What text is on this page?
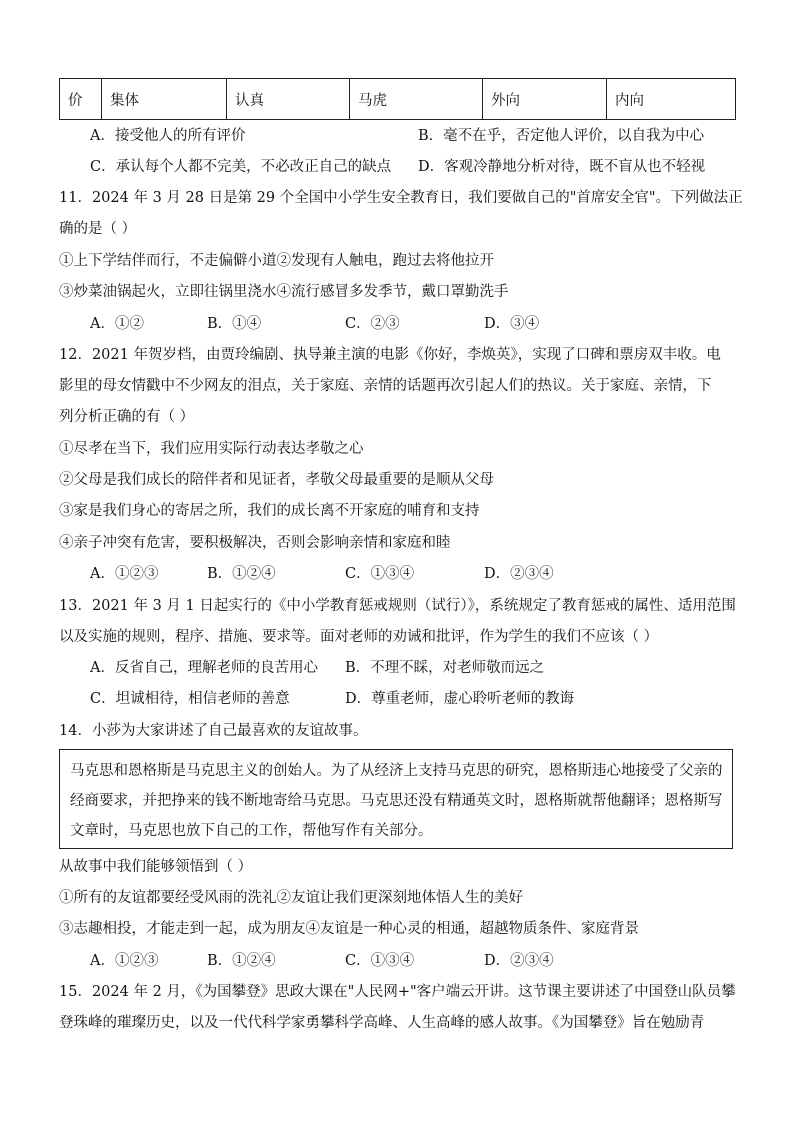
价	集体	认真	马虎	外向	内向
A．接受他人的所有评价	B．毫不在乎，否定他人评价，以自我为中心
C．承认每个人都不完美，不必改正自己的缺点 D．客观冷静地分析对待，既不盲从也不轻视
11．2024 年 3 月 28 日是第 29 个全国中小学生安全教育日，我们要做自己的"首席安全官"。下列做法正
确的是（ ）
①上下学结伴而行，不走偏僻小道②发现有人触电，跑过去将他拉开
③炒菜油锅起火，立即往锅里浇水④流行感冒多发季节，戴口罩勤洗手
A．①②	B．①④	C．②③	D．③④
12．2021 年贺岁档，由贾玲编剧、执导兼主演的电影《你好，李焕英》，实现了口碑和票房双丰收。电
影里的母女情戳中不少网友的泪点，关于家庭、亲情的话题再次引起人们的热议。关于家庭、亲情，下
列分析正确的有（ ）
①尽孝在当下，我们应用实际行动表达孝敬之心
②父母是我们成长的陪伴者和见证者，孝敬父母最重要的是顺从父母
③家是我们身心的寄居之所，我们的成长离不开家庭的哺育和支持
④亲子冲突有危害，要积极解决，否则会影响亲情和家庭和睦
A．①②③	B．①②④	C．①③④	D．②③④
13．2021 年 3 月 1 日起实行的《中小学教育惩戒规则（试行）》，系统规定了教育惩戒的属性、适用范围
以及实施的规则，程序、措施、要求等。面对老师的劝诫和批评，作为学生的我们不应该（ ）
A．反省自己，理解老师的良苦用心 B．不理不睬，对老师敬而远之
C．坦诚相待，相信老师的善意	D．尊重老师，虚心聆听老师的教诲
14．小莎为大家讲述了自己最喜欢的友谊故事。
马克思和恩格斯是马克思主义的创始人。为了从经济上支持马克思的研究，恩格斯违心地接受了父亲的
经商要求，并把挣来的钱不断地寄给马克思。马克思还没有精通英文时，恩格斯就帮他翻译；恩格斯写
文章时，马克思也放下自己的工作，帮他写作有关部分。
从故事中我们能够领悟到（ ）
①所有的友谊都要经受风雨的洗礼②友谊让我们更深刻地体悟人生的美好
③志趣相投，才能走到一起，成为朋友④友谊是一种心灵的相通，超越物质条件、家庭背景
A．①②③	B．①②④	C．①③④	D．②③④
15．2024 年 2 月，《为国攀登》思政大课在"人民网+"客户端云开讲。这节课主要讲述了中国登山队员攀
登珠峰的璀璨历史，以及一代代科学家勇攀科学高峰、人生高峰的感人故事。《为国攀登》旨在勉励青
